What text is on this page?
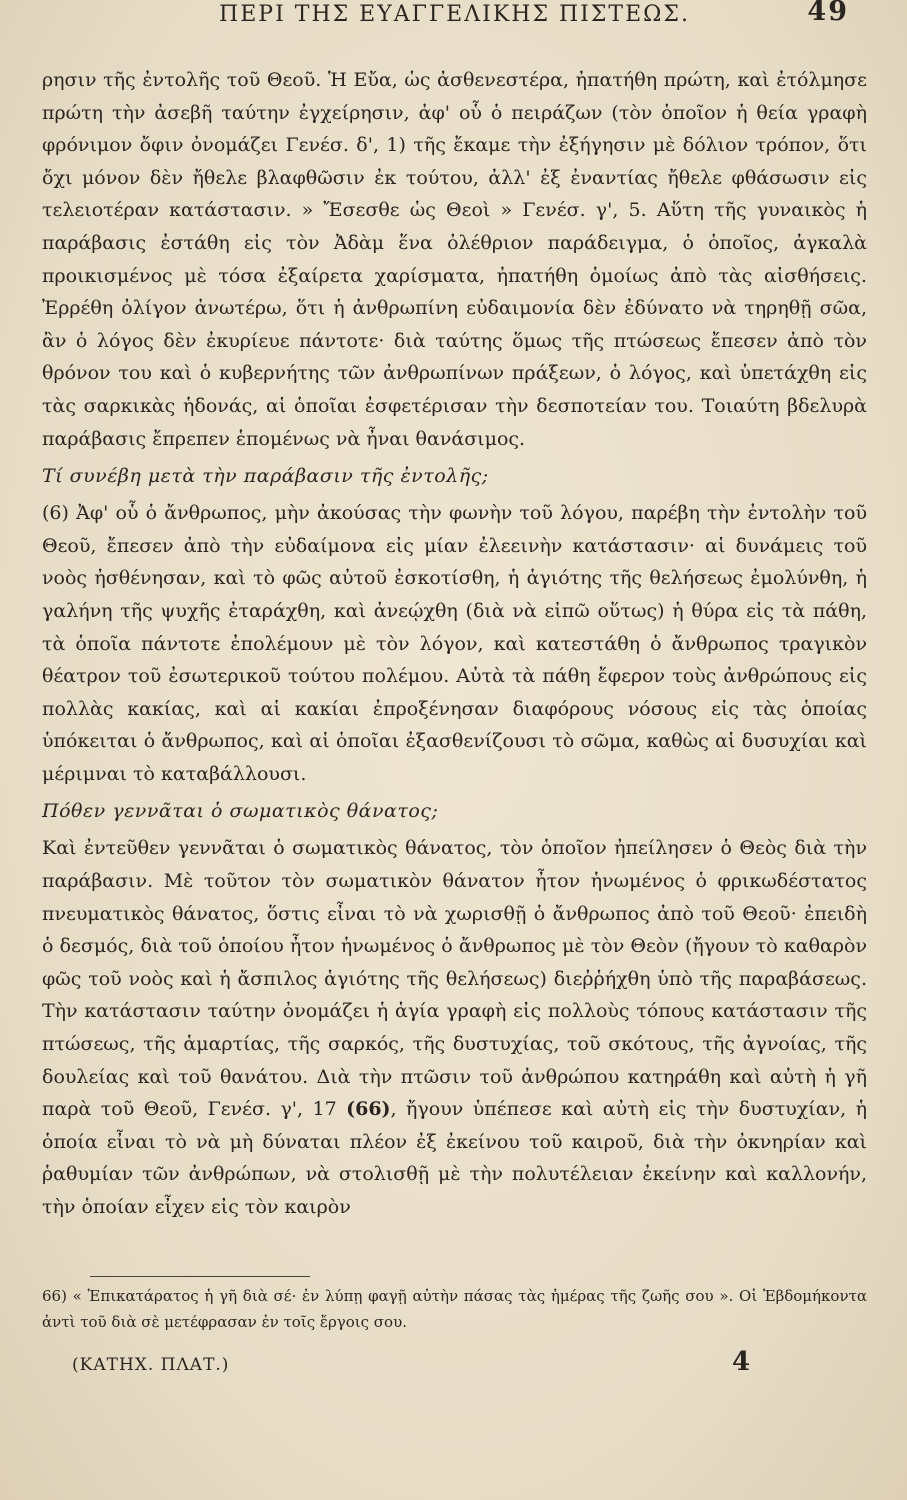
ΠΕΡΙ ΤΗΣ ΕΥΑΓΓΕΛΙΚΗΣ ΠΙΣΤΕΩΣ.	49

ρησιν τῆς ἐντολῆς τοῦ Θεοῦ. Ἡ Εὔα, ὡς ἀσθενεστέρα, ἠπατήθη πρώτη, καὶ ἐτόλμησε πρώτη τὴν ἀσεβῆ ταύτην ἐγχείρησιν, ἀφ' οὗ ὁ πειράζων (τὸν ὁποῖον ἡ θεία γραφὴ φρόνιμον ὄφιν ὀνομάζει Γενέσ. δ', 1) τῆς ἔκαμε τὴν ἐξήγησιν μὲ δόλιον τρόπον, ὅτι ὄχι μόνον δὲν ἤθελε βλαφθῶσιν ἐκ τούτου, ἀλλ' ἐξ ἐναντίας ἤθελε φθάσωσιν εἰς τελειοτέραν κατάστασιν. » Ἔσεσθε ὡς Θεοὶ » Γενέσ. γ', 5. Αὕτη τῆς γυναικὸς ἡ παράβασις ἐστάθη εἰς τὸν Ἀδὰμ ἕνα ὀλέθριον παράδειγμα, ὁ ὁποῖος, ἀγκαλὰ προικισμένος μὲ τόσα ἐξαίρετα χαρίσματα, ἠπατήθη ὁμοίως ἀπὸ τὰς αἰσθήσεις. Ἐρρέθη ὀλίγον ἀνωτέρω, ὅτι ἡ ἀνθρωπίνη εὐδαιμονία δὲν ἐδύνατο νὰ τηρηθῇ σῶα, ἂν ὁ λόγος δὲν ἐκυρίευε πάντοτε· διὰ ταύτης ὅμως τῆς πτώσεως ἔπεσεν ἀπὸ τὸν θρόνον του καὶ ὁ κυβερνήτης τῶν ἀνθρωπίνων πράξεων, ὁ λόγος, καὶ ὑπετάχθη εἰς τὰς σαρκικὰς ἡδονάς, αἱ ὁποῖαι ἐσφετέρισαν τὴν δεσποτείαν του. Τοιαύτη βδελυρὰ παράβασις ἔπρεπεν ἑπομένως νὰ ἦναι θανάσιμος.

Τί συνέβη μετὰ τὴν παράβασιν τῆς ἐντολῆς;

(6) Ἀφ' οὗ ὁ ἄνθρωπος, μὴν ἀκούσας τὴν φωνὴν τοῦ λόγου, παρέβη τὴν ἐντολὴν τοῦ Θεοῦ, ἔπεσεν ἀπὸ τὴν εὐδαίμονα εἰς μίαν ἐλεεινὴν κατάστασιν· αἱ δυνάμεις τοῦ νοὸς ἠσθένησαν, καὶ τὸ φῶς αὐτοῦ ἐσκοτίσθη, ἡ ἁγιότης τῆς θελήσεως ἐμολύνθη, ἡ γαλήνη τῆς ψυχῆς ἐταράχθη, καὶ ἀνεῴχθη (διὰ νὰ εἰπῶ οὕτως) ἡ θύρα εἰς τὰ πάθη, τὰ ὁποῖα πάντοτε ἐπολέμουν μὲ τὸν λόγον, καὶ κατεστάθη ὁ ἄνθρωπος τραγικὸν θέατρον τοῦ ἐσωτερικοῦ τούτου πολέμου. Αὐτὰ τὰ πάθη ἔφερον τοὺς ἀνθρώπους εἰς πολλὰς κακίας, καὶ αἱ κακίαι ἐπροξένησαν διαφόρους νόσους εἰς τὰς ὁποίας ὑπόκειται ὁ ἄνθρωπος, καὶ αἱ ὁποῖαι ἐξασθενίζουσι τὸ σῶμα, καθὼς αἱ δυσυχίαι καὶ μέριμναι τὸ καταβάλλουσι.

Πόθεν γεννᾶται ὁ σωματικὸς θάνατος;

Καὶ ἐντεῦθεν γεννᾶται ὁ σωματικὸς θάνατος, τὸν ὁποῖον ἠπείλησεν ὁ Θεὸς διὰ τὴν παράβασιν. Μὲ τοῦτον τὸν σωματικὸν θάνατον ἦτον ἡνωμένος ὁ φρικωδέστατος πνευματικὸς θάνατος, ὅστις εἶναι τὸ νὰ χωρισθῇ ὁ ἄνθρωπος ἀπὸ τοῦ Θεοῦ· ἐπειδὴ ὁ δεσμός, διὰ τοῦ ὁποίου ἦτον ἡνωμένος ὁ ἄνθρωπος μὲ τὸν Θεὸν (ἤγουν τὸ καθαρὸν φῶς τοῦ νοὸς καὶ ἡ ἄσπιλος ἁγιότης τῆς θελήσεως) διεῤῥήχθη ὑπὸ τῆς παραβάσεως. Τὴν κατάστασιν ταύτην ὀνομάζει ἡ ἁγία γραφὴ εἰς πολλοὺς τόπους κατάστασιν τῆς πτώσεως, τῆς ἁμαρτίας, τῆς σαρκός, τῆς δυστυχίας, τοῦ σκότους, τῆς ἀγνοίας, τῆς δουλείας καὶ τοῦ θανάτου. Διὰ τὴν πτῶσιν τοῦ ἀνθρώπου κατηράθη καὶ αὐτὴ ἡ γῆ παρὰ τοῦ Θεοῦ, Γενέσ. γ', 17 (66), ἤγουν ὑπέπεσε καὶ αὐτὴ εἰς τὴν δυστυχίαν, ἡ ὁποία εἶναι τὸ νὰ μὴ δύναται πλέον ἐξ ἐκείνου τοῦ καιροῦ, διὰ τὴν ὀκνηρίαν καὶ ῥαθυμίαν τῶν ἀνθρώπων, νὰ στολισθῇ μὲ τὴν πολυτέλειαν ἐκείνην καὶ καλλονήν, τὴν ὁποίαν εἶχεν εἰς τὸν καιρὸν

66) « Ἐπικατάρατος ἡ γῆ διὰ σέ· ἐν λύπῃ φαγῇ αὐτὴν πάσας τὰς ἡμέρας τῆς ζωῆς σου ». Οἱ Ἑβδομήκοντα ἀντὶ τοῦ διὰ σὲ μετέφρασαν ἐν τοῖς ἔργοις σου.

(ΚΑΤΗΧ. ΠΛΑΤ.)	4
